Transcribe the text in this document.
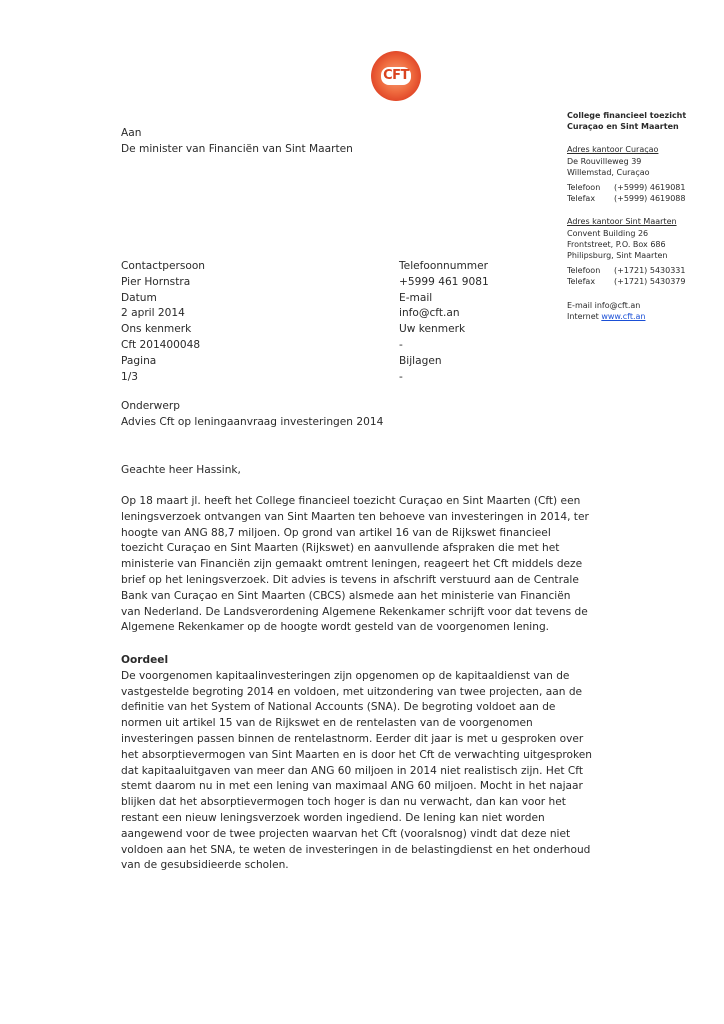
CFT
College financieel toezicht
Curaçao en Sint Maarten
Adres kantoor Curaçao
De Rouvilleweg 39
Willemstad, Curaçao
Telefoon	(+5999) 4619081
Telefax	(+5999) 4619088
Adres kantoor Sint Maarten
Convent Building 26
Frontstreet, P.O. Box 686
Philipsburg, Sint Maarten
Telefoon	(+1721) 5430331
Telefax	(+1721) 5430379
E-mail info@cft.an
Internet www.cft.an
Aan
De minister van Financiën van Sint Maarten
Contactpersoon	Telefoonnummer
Pier Hornstra	+5999 461 9081
Datum	E-mail
2 april 2014	info@cft.an
Ons kenmerk	Uw kenmerk
Cft 201400048	-
Pagina	Bijlagen
1/3	-
Onderwerp
Advies Cft op leningaanvraag investeringen 2014
Geachte heer Hassink,
Op 18 maart jl. heeft het College financieel toezicht Curaçao en Sint Maarten (Cft) een
leningsverzoek ontvangen van Sint Maarten ten behoeve van investeringen in 2014, ter
hoogte van ANG 88,7 miljoen. Op grond van artikel 16 van de Rijkswet financieel
toezicht Curaçao en Sint Maarten (Rijkswet) en aanvullende afspraken die met het
ministerie van Financiën zijn gemaakt omtrent leningen, reageert het Cft middels deze
brief op het leningsverzoek. Dit advies is tevens in afschrift verstuurd aan de Centrale
Bank van Curaçao en Sint Maarten (CBCS) alsmede aan het ministerie van Financiën
van Nederland. De Landsverordening Algemene Rekenkamer schrijft voor dat tevens de
Algemene Rekenkamer op de hoogte wordt gesteld van de voorgenomen lening.
Oordeel
De voorgenomen kapitaalinvesteringen zijn opgenomen op de kapitaaldienst van de
vastgestelde begroting 2014 en voldoen, met uitzondering van twee projecten, aan de
definitie van het System of National Accounts (SNA). De begroting voldoet aan de
normen uit artikel 15 van de Rijkswet en de rentelasten van de voorgenomen
investeringen passen binnen de rentelastnorm. Eerder dit jaar is met u gesproken over
het absorptievermogen van Sint Maarten en is door het Cft de verwachting uitgesproken
dat kapitaaluitgaven van meer dan ANG 60 miljoen in 2014 niet realistisch zijn. Het Cft
stemt daarom nu in met een lening van maximaal ANG 60 miljoen. Mocht in het najaar
blijken dat het absorptievermogen toch hoger is dan nu verwacht, dan kan voor het
restant een nieuw leningsverzoek worden ingediend. De lening kan niet worden
aangewend voor de twee projecten waarvan het Cft (vooralsnog) vindt dat deze niet
voldoen aan het SNA, te weten de investeringen in de belastingdienst en het onderhoud
van de gesubsidieerde scholen.
